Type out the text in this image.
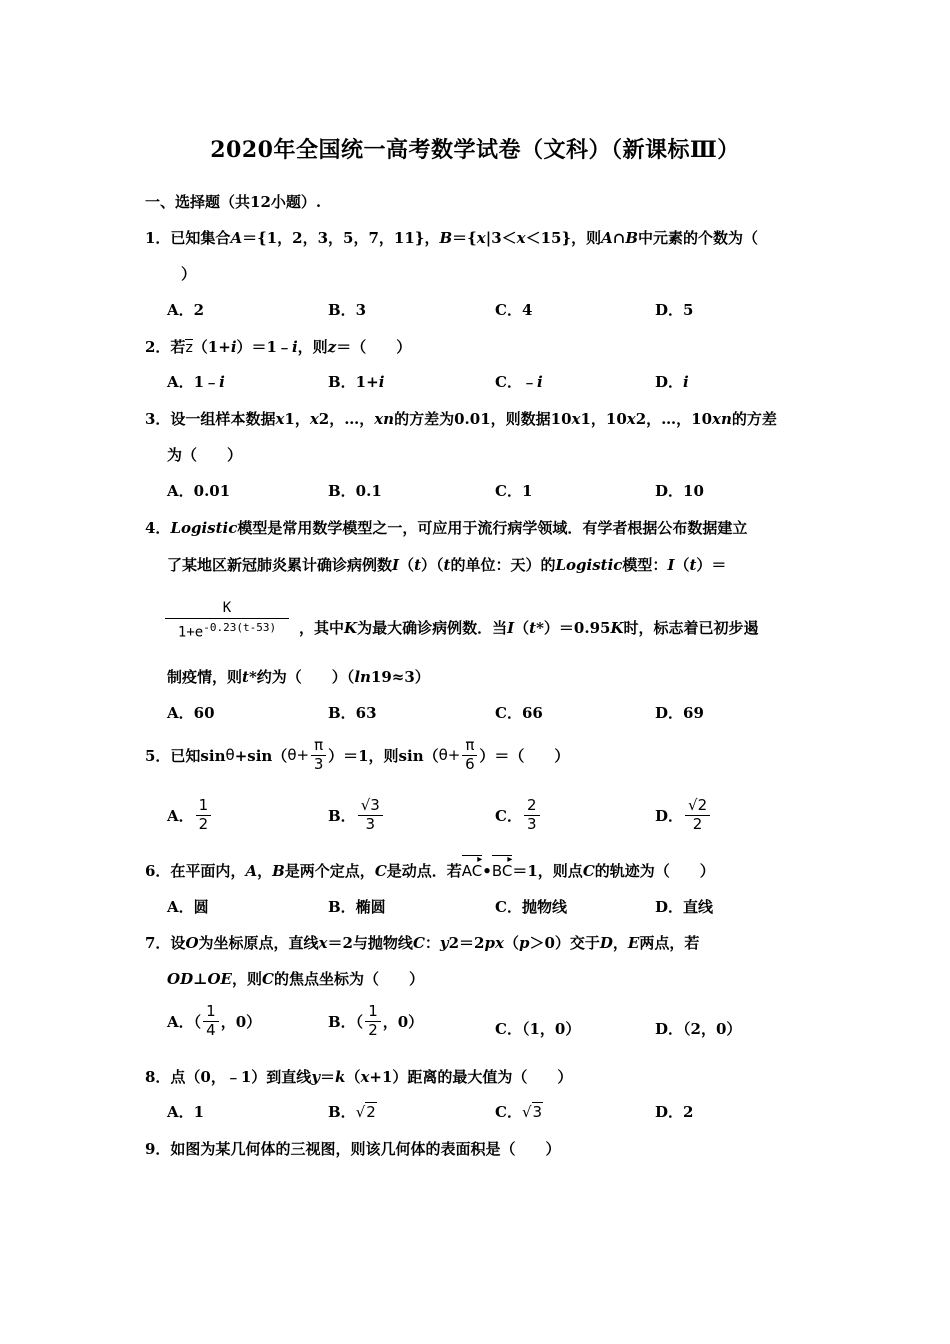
2020年全国统一高考数学试卷（文科）（新课标Ⅲ）
一、选择题（共12小题）.
1．已知集合A＝{1，2，3，5，7，11}，B＝{x|3＜x＜15}，则A∩B中元素的个数为（
）
A．2	B．3	C．4	D．5
2．若z（1+i）＝1﹣i，则z＝（　　）
A．1﹣ i	B．1+ i	C．﹣ i	D． i
3．设一组样本数据x1，x2，…，xn的方差为0.01，则数据10x1，10x2，…，10xn的方差
为（　　）
A．0.01	B．0.1	C．1	D．10
4．Logistic模型是常用数学模型之一，可应用于流行病学领域．有学者根据公布数据建立
了某地区新冠肺炎累计确诊病例数I（t）（t的单位：天）的Logistic模型：I（t）＝
$\frac{K}{1+e^{-0.23(t-53)}}$ ，其中K为最大确诊病例数．当I（t*）＝0.95K时，标志着已初步遏
制疫情，则t*约为（　　）（ln19≈3）
A．60	B．63	C．66	D．69
5．已知sin θ +sin（ $\theta + \frac{\pi}{3} )=1$，则sin（ $\theta + \frac{\pi}{6}$ ）＝（　　）
A． $\frac{1}{2}$	B． $\frac{√3}{3}$	C． $\frac{2}{3}$	D． $\frac{√2}{2}$
6．在平面内，A，B是两个定点，C是动点．若
▸
AC•
▸
BC＝1，则点C的轨迹为（　　）
A．圆	B．椭圆	C．抛物线	D．直线
7．设O为坐标原点，直线x＝2与抛物线C：y2＝2px（p＞0）交于D，E两点，若
OD⊥OE，则C的焦点坐标为（　　）
A．（ $\frac{1}{4}$ ，0）	B．（ $\frac{1}{2}$ ，0）	C．（1，0）	D．（2，0）
8．点（0，﹣1）到直线y＝k（x+1）距离的最大值为（　　）
A．1	B． √2	C． √3	D．2
9．如图为某几何体的三视图，则该几何体的表面积是（　　）
